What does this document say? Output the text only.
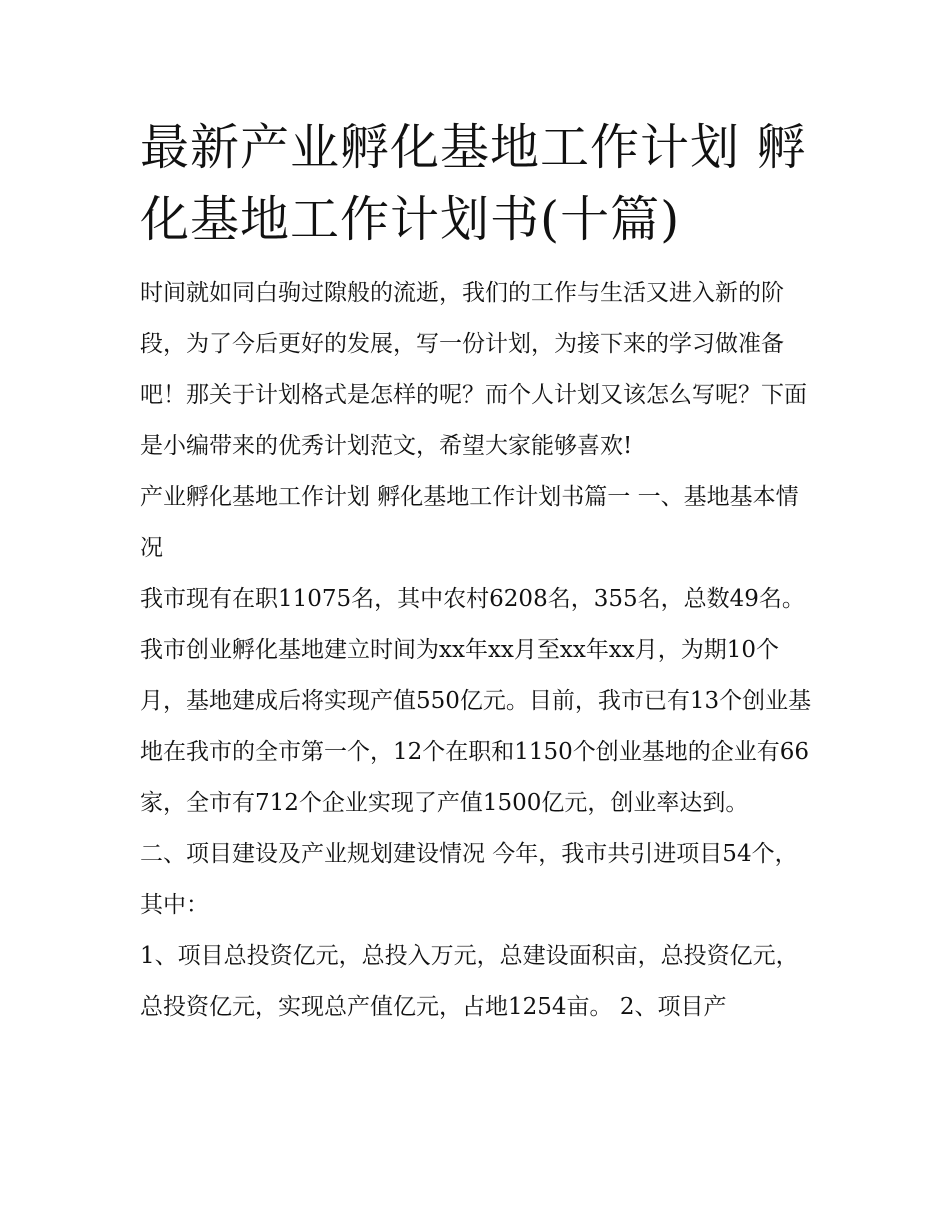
最新产业孵化基地工作计划 孵化基地工作计划书(十篇)

时间就如同白驹过隙般的流逝，我们的工作与生活又进入新的阶段，为了今后更好的发展，写一份计划，为接下来的学习做准备吧！那关于计划格式是怎样的呢？而个人计划又该怎么写呢？下面是小编带来的优秀计划范文，希望大家能够喜欢!

产业孵化基地工作计划 孵化基地工作计划书篇一 一、基地基本情况

我市现有在职11075名，其中农村6208名，355名，总数49名。我市创业孵化基地建立时间为xx年xx月至xx年xx月，为期10个月，基地建成后将实现产值550亿元。目前，我市已有13个创业基地在我市的全市第一个，12个在职和1150个创业基地的企业有66家，全市有712个企业实现了产值1500亿元，创业率达到。

二、项目建设及产业规划建设情况 今年，我市共引进项目54个，其中：

1、项目总投资亿元，总投入万元，总建设面积亩，总投资亿元，总投资亿元，实现总产值亿元，占地1254亩。 2、项目产
